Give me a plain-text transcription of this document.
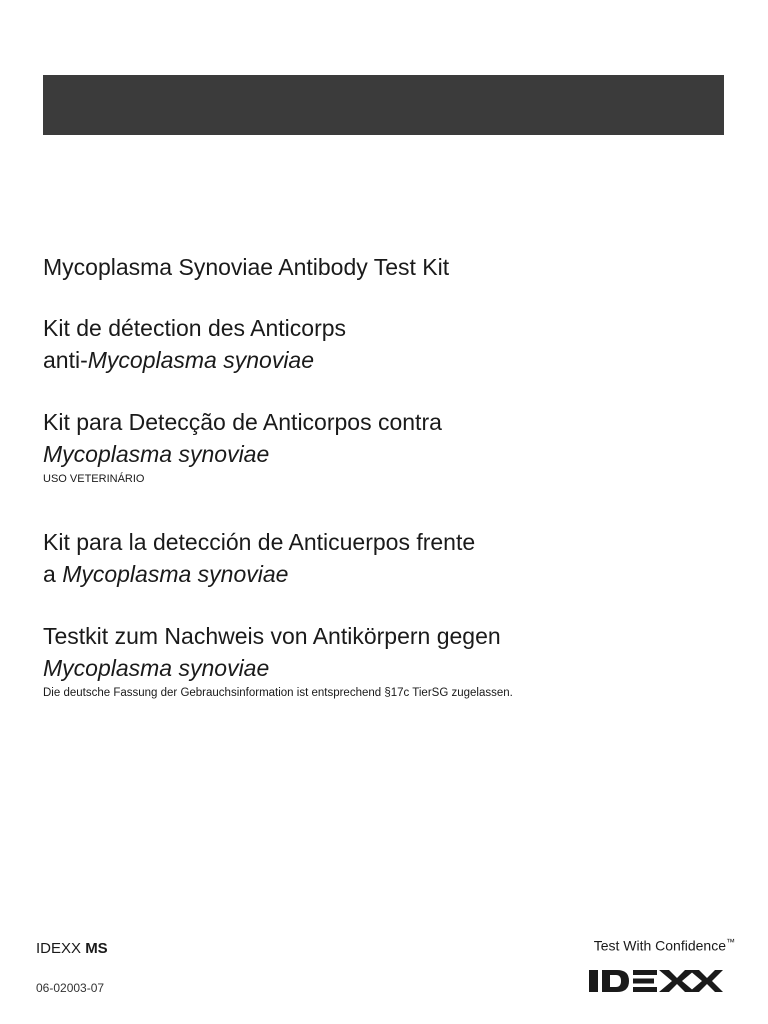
Mycoplasma Synoviae Antibody Test Kit
Kit de détection des Anticorps
anti-Mycoplasma synoviae
Kit para Detecção de Anticorpos contra
Mycoplasma synoviae
USO VETERINÁRIO
Kit para la detección de Anticuerpos frente
a Mycoplasma synoviae
Testkit zum Nachweis von Antikörpern gegen
Mycoplasma synoviae
Die deutsche Fassung der Gebrauchsinformation ist entsprechend §17c TierSG zugelassen.
IDEXX MS
06-02003-07
Test With Confidence™
